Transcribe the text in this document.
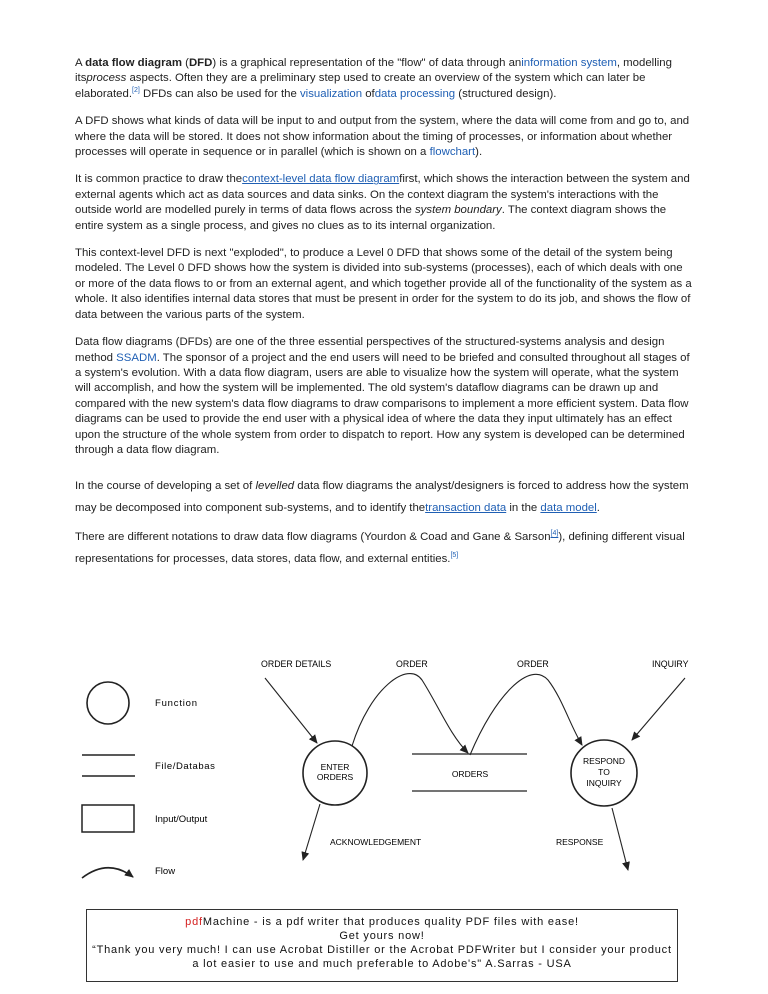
A data flow diagram (DFD) is a graphical representation of the "flow" of data through aninformation system, modelling itsprocess aspects. Often they are a preliminary step used to create an overview of the system which can later be elaborated.[2] DFDs can also be used for the visualization ofdata processing (structured design).

A DFD shows what kinds of data will be input to and output from the system, where the data will come from and go to, and where the data will be stored. It does not show information about the timing of processes, or information about whether processes will operate in sequence or in parallel (which is shown on a flowchart).

It is common practice to draw thecontext-level data flow diagramfirst, which shows the interaction between the system and external agents which act as data sources and data sinks. On the context diagram the system's interactions with the outside world are modelled purely in terms of data flows across the system boundary. The context diagram shows the entire system as a single process, and gives no clues as to its internal organization.

This context-level DFD is next "exploded", to produce a Level 0 DFD that shows some of the detail of the system being modeled. The Level 0 DFD shows how the system is divided into sub-systems (processes), each of which deals with one or more of the data flows to or from an external agent, and which together provide all of the functionality of the system as a whole. It also identifies internal data stores that must be present in order for the system to do its job, and shows the flow of data between the various parts of the system.

Data flow diagrams (DFDs) are one of the three essential perspectives of the structured-systems analysis and design method SSADM. The sponsor of a project and the end users will need to be briefed and consulted throughout all stages of a system's evolution. With a data flow diagram, users are able to visualize how the system will operate, what the system will accomplish, and how the system will be implemented. The old system's dataflow diagrams can be drawn up and compared with the new system's data flow diagrams to draw comparisons to implement a more efficient system. Data flow diagrams can be used to provide the end user with a physical idea of where the data they input ultimately has an effect upon the structure of the whole system from order to dispatch to report. How any system is developed can be determined through a data flow diagram.

In the course of developing a set of levelled data flow diagrams the analyst/designers is forced to address how the system may be decomposed into component sub-systems, and to identify thetransaction data in the data model.

There are different notations to draw data flow diagrams (Yourdon & Coad and Gane & Sarson[4]), defining different visual representations for processes, data stores, data flow, and external entities.[5]

Function
File/Databas
Input/Output
Flow
ORDER DETAILS	ORDER	ORDER	INQUIRY
ENTER
ORDERS
RESPOND
TO
INQUIRY
ORDERS
ACKNOWLEDGEMENT	RESPONSE
pdfMachine - is a pdf writer that produces quality PDF files with ease!
Get yours now!
“Thank you very much! I can use Acrobat Distiller or the Acrobat PDFWriter but I consider your product a lot easier to use and much preferable to Adobe's" A.Sarras - USA
